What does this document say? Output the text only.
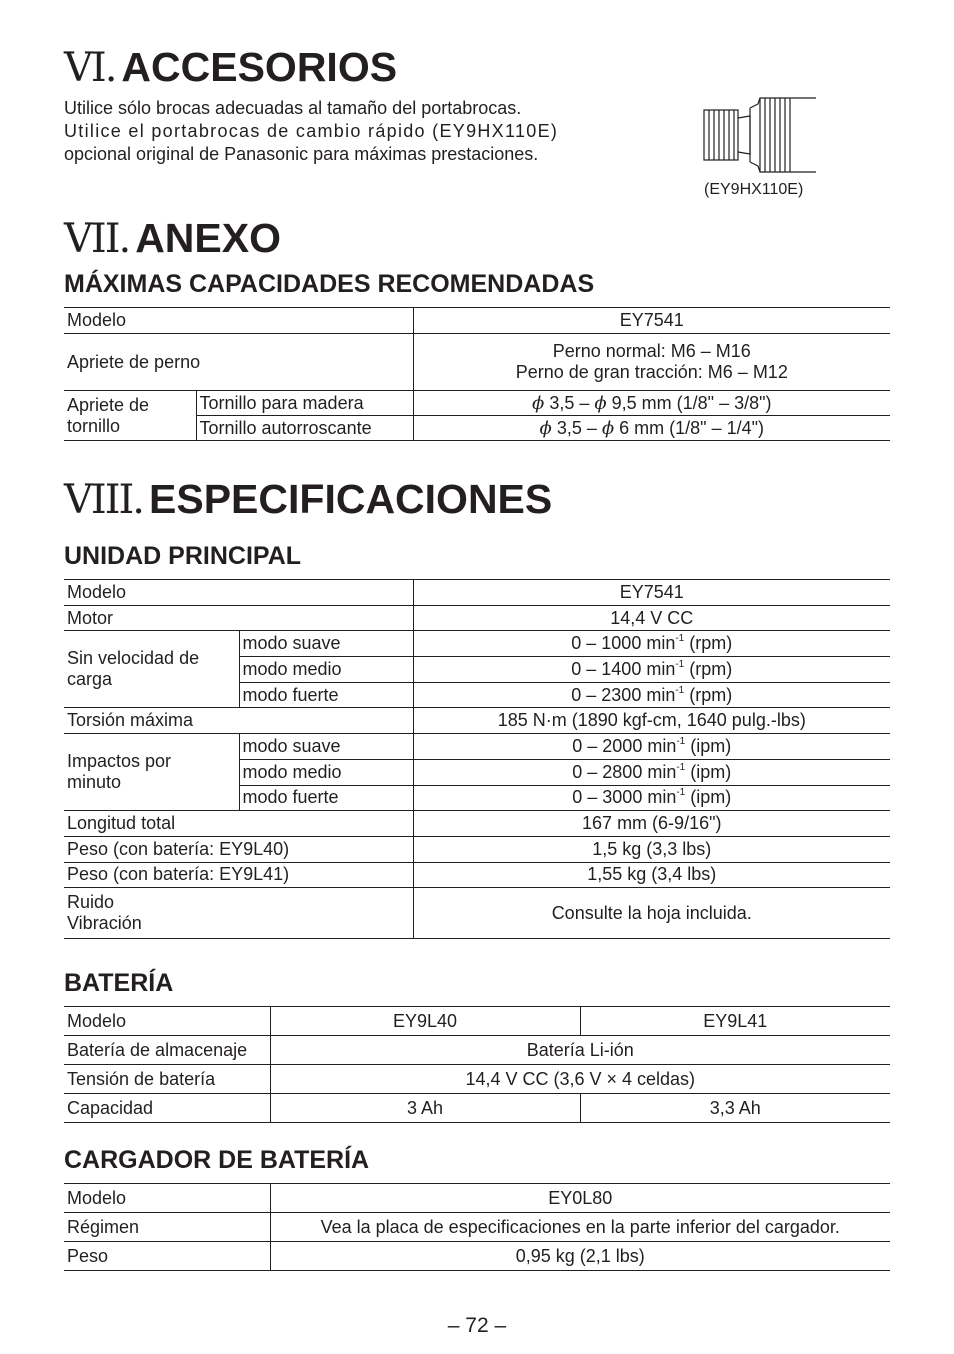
VI. ACCESORIOS
Utilice sólo brocas adecuadas al tamaño del portabrocas.
Utilice el portabrocas de cambio rápido (EY9HX110E)
opcional original de Panasonic para máximas prestaciones.
(EY9HX110E)
VII. ANEXO
MÁXIMAS CAPACIDADES RECOMENDADAS
Modelo		EY7541
Apriete de perno		Perno normal: M6 – M16
Perno de gran tracción: M6 – M12

Apriete de
tornillo	Tornillo para madera	ϕ 3,5 – ϕ 9,5 mm (1/8" – 3/8")
	Tornillo autorroscante	ϕ 3,5 – ϕ 6 mm (1/8" – 1/4")
VIII. ESPECIFICACIONES
UNIDAD PRINCIPAL
Modelo		EY7541
Motor		14,4 V CC

Sin velocidad de
carga	modo suave	0 – 1000 $\min^{-1} (rpm)$
	modo medio	0 – 1400 $\min^{-1} (rpm)$
	modo fuerte	0 – 2300 $\min^{-1} (rpm)$
Torsión máxima		185 N·m (1890 kgf-cm, 1640 pulg.-lbs)

Impactos por
minuto	modo suave	0 – 2000 $\min^{-1} (ipm)$
	modo medio	0 – 2800 $\min^{-1} (ipm)$
	modo fuerte	0 – 3000 $\min^{-1} (ipm)$
Longitud total		167 mm (6-9/16")
Peso (con batería: EY9L40)		1,5 kg (3,3 lbs)
Peso (con batería: EY9L41)		1,55 kg (3,4 lbs)

Ruido
Vibración		Consulte la hoja incluida.
BATERÍA
Modelo	EY9L40	EY9L41
Batería de almacenaje	Batería Li-ión	
Tensión de batería	14,4 V CC (3,6 V × 4 celdas)	
Capacidad	3 Ah	3,3 Ah
CARGADOR DE BATERÍA
Modelo	EY0L80
Régimen	Vea la placa de especificaciones en la parte inferior del cargador.
Peso	0,95 kg (2,1 lbs)
– 72 –
